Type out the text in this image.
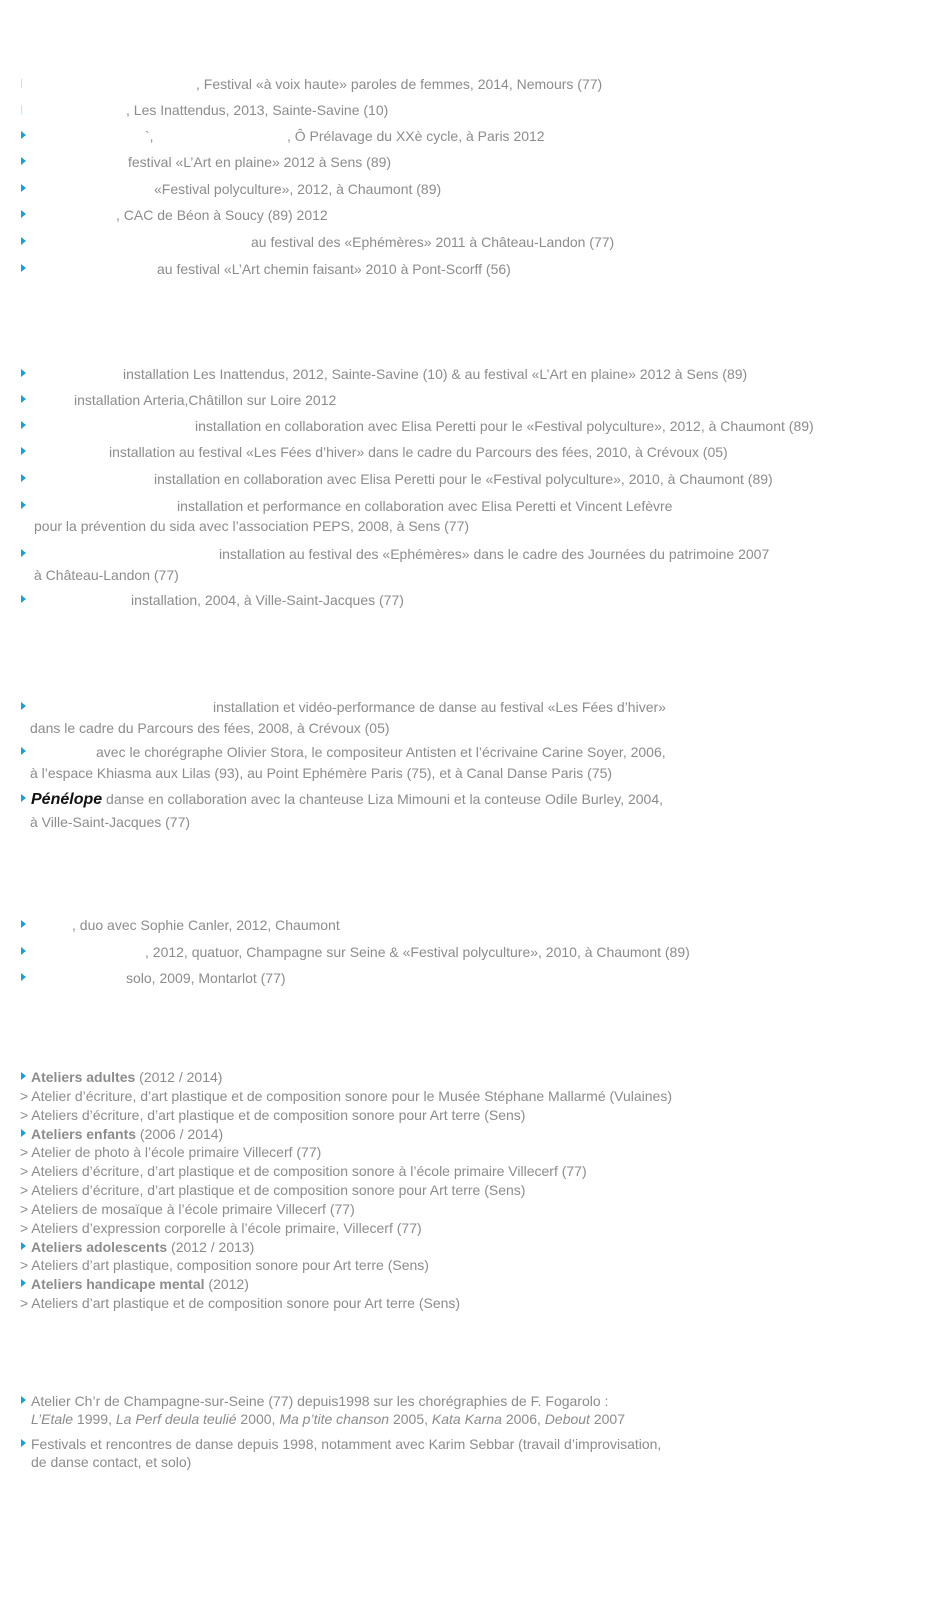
, Festival «à voix haute» paroles de femmes, 2014, Nemours (77)
, Les Inattendus, 2013, Sainte-Savine (10)
`,	, Ô Prélavage du XXè cycle, à Paris 2012
festival «L’Art en plaine» 2012 à Sens (89)
«Festival polyculture», 2012, à Chaumont (89)
, CAC de Béon à Soucy (89) 2012
au festival des «Ephémères» 2011 à Château-Landon (77)
au festival «L’Art chemin faisant» 2010 à Pont-Scorff (56)
installation Les Inattendus, 2012, Sainte-Savine (10) & au festival «L’Art en plaine» 2012 à Sens (89)
installation Arteria,Châtillon sur Loire 2012
installation en collaboration avec Elisa Peretti pour le «Festival polyculture», 2012, à Chaumont (89)
installation au festival «Les Fées d’hiver» dans le cadre du Parcours des fées, 2010, à Crévoux (05)
installation en collaboration avec Elisa Peretti pour le «Festival polyculture», 2010, à Chaumont (89)
installation et performance en collaboration avec Elisa Peretti et Vincent Lefèvre
pour la prévention du sida avec l’association PEPS, 2008, à Sens (77)
installation au festival des «Ephémères» dans le cadre des Journées du patrimoine 2007
à Château-Landon (77)
installation, 2004, à Ville-Saint-Jacques (77)
installation et vidéo-performance de danse au festival «Les Fées d’hiver»
dans le cadre du Parcours des fées, 2008, à Crévoux (05)
avec le chorégraphe Olivier Stora, le compositeur Antisten et l’écrivaine Carine Soyer, 2006,
à l’espace Khiasma aux Lilas (93), au Point Ephémère Paris (75), et à Canal Danse Paris (75)
Pénélope danse en collaboration avec la chanteuse Liza Mimouni et la conteuse Odile Burley, 2004,
à Ville-Saint-Jacques (77)
, duo avec Sophie Canler, 2012, Chaumont
, 2012, quatuor, Champagne sur Seine & «Festival polyculture», 2010, à Chaumont (89)
solo, 2009, Montarlot (77)
Ateliers adultes (2012 / 2014)
> Atelier d’écriture, d’art plastique et de composition sonore pour le Musée Stéphane Mallarmé (Vulaines)
> Ateliers d’écriture, d’art plastique et de composition sonore pour Art terre (Sens)
Ateliers enfants (2006 / 2014)
> Atelier de photo à l’école primaire Villecerf (77)
> Ateliers d’écriture, d’art plastique et de composition sonore à l’école primaire Villecerf (77)
> Ateliers d’écriture, d’art plastique et de composition sonore pour Art terre (Sens)
> Ateliers de mosaïque à l’école primaire Villecerf (77)
> Ateliers d’expression corporelle à l’école primaire, Villecerf (77)
Ateliers adolescents (2012 / 2013)
> Ateliers d’art plastique, composition sonore pour Art terre (Sens)
Ateliers handicape mental (2012)
> Ateliers d’art plastique et de composition sonore pour Art terre (Sens)
Atelier Ch’r de Champagne-sur-Seine (77) depuis1998 sur les chorégraphies de F. Fogarolo :
L’Etale 1999, La Perf deula teulié 2000, Ma p’tite chanson 2005, Kata Karna 2006, Debout 2007
Festivals et rencontres de danse depuis 1998, notamment avec Karim Sebbar (travail d’improvisation,
de danse contact, et solo)
